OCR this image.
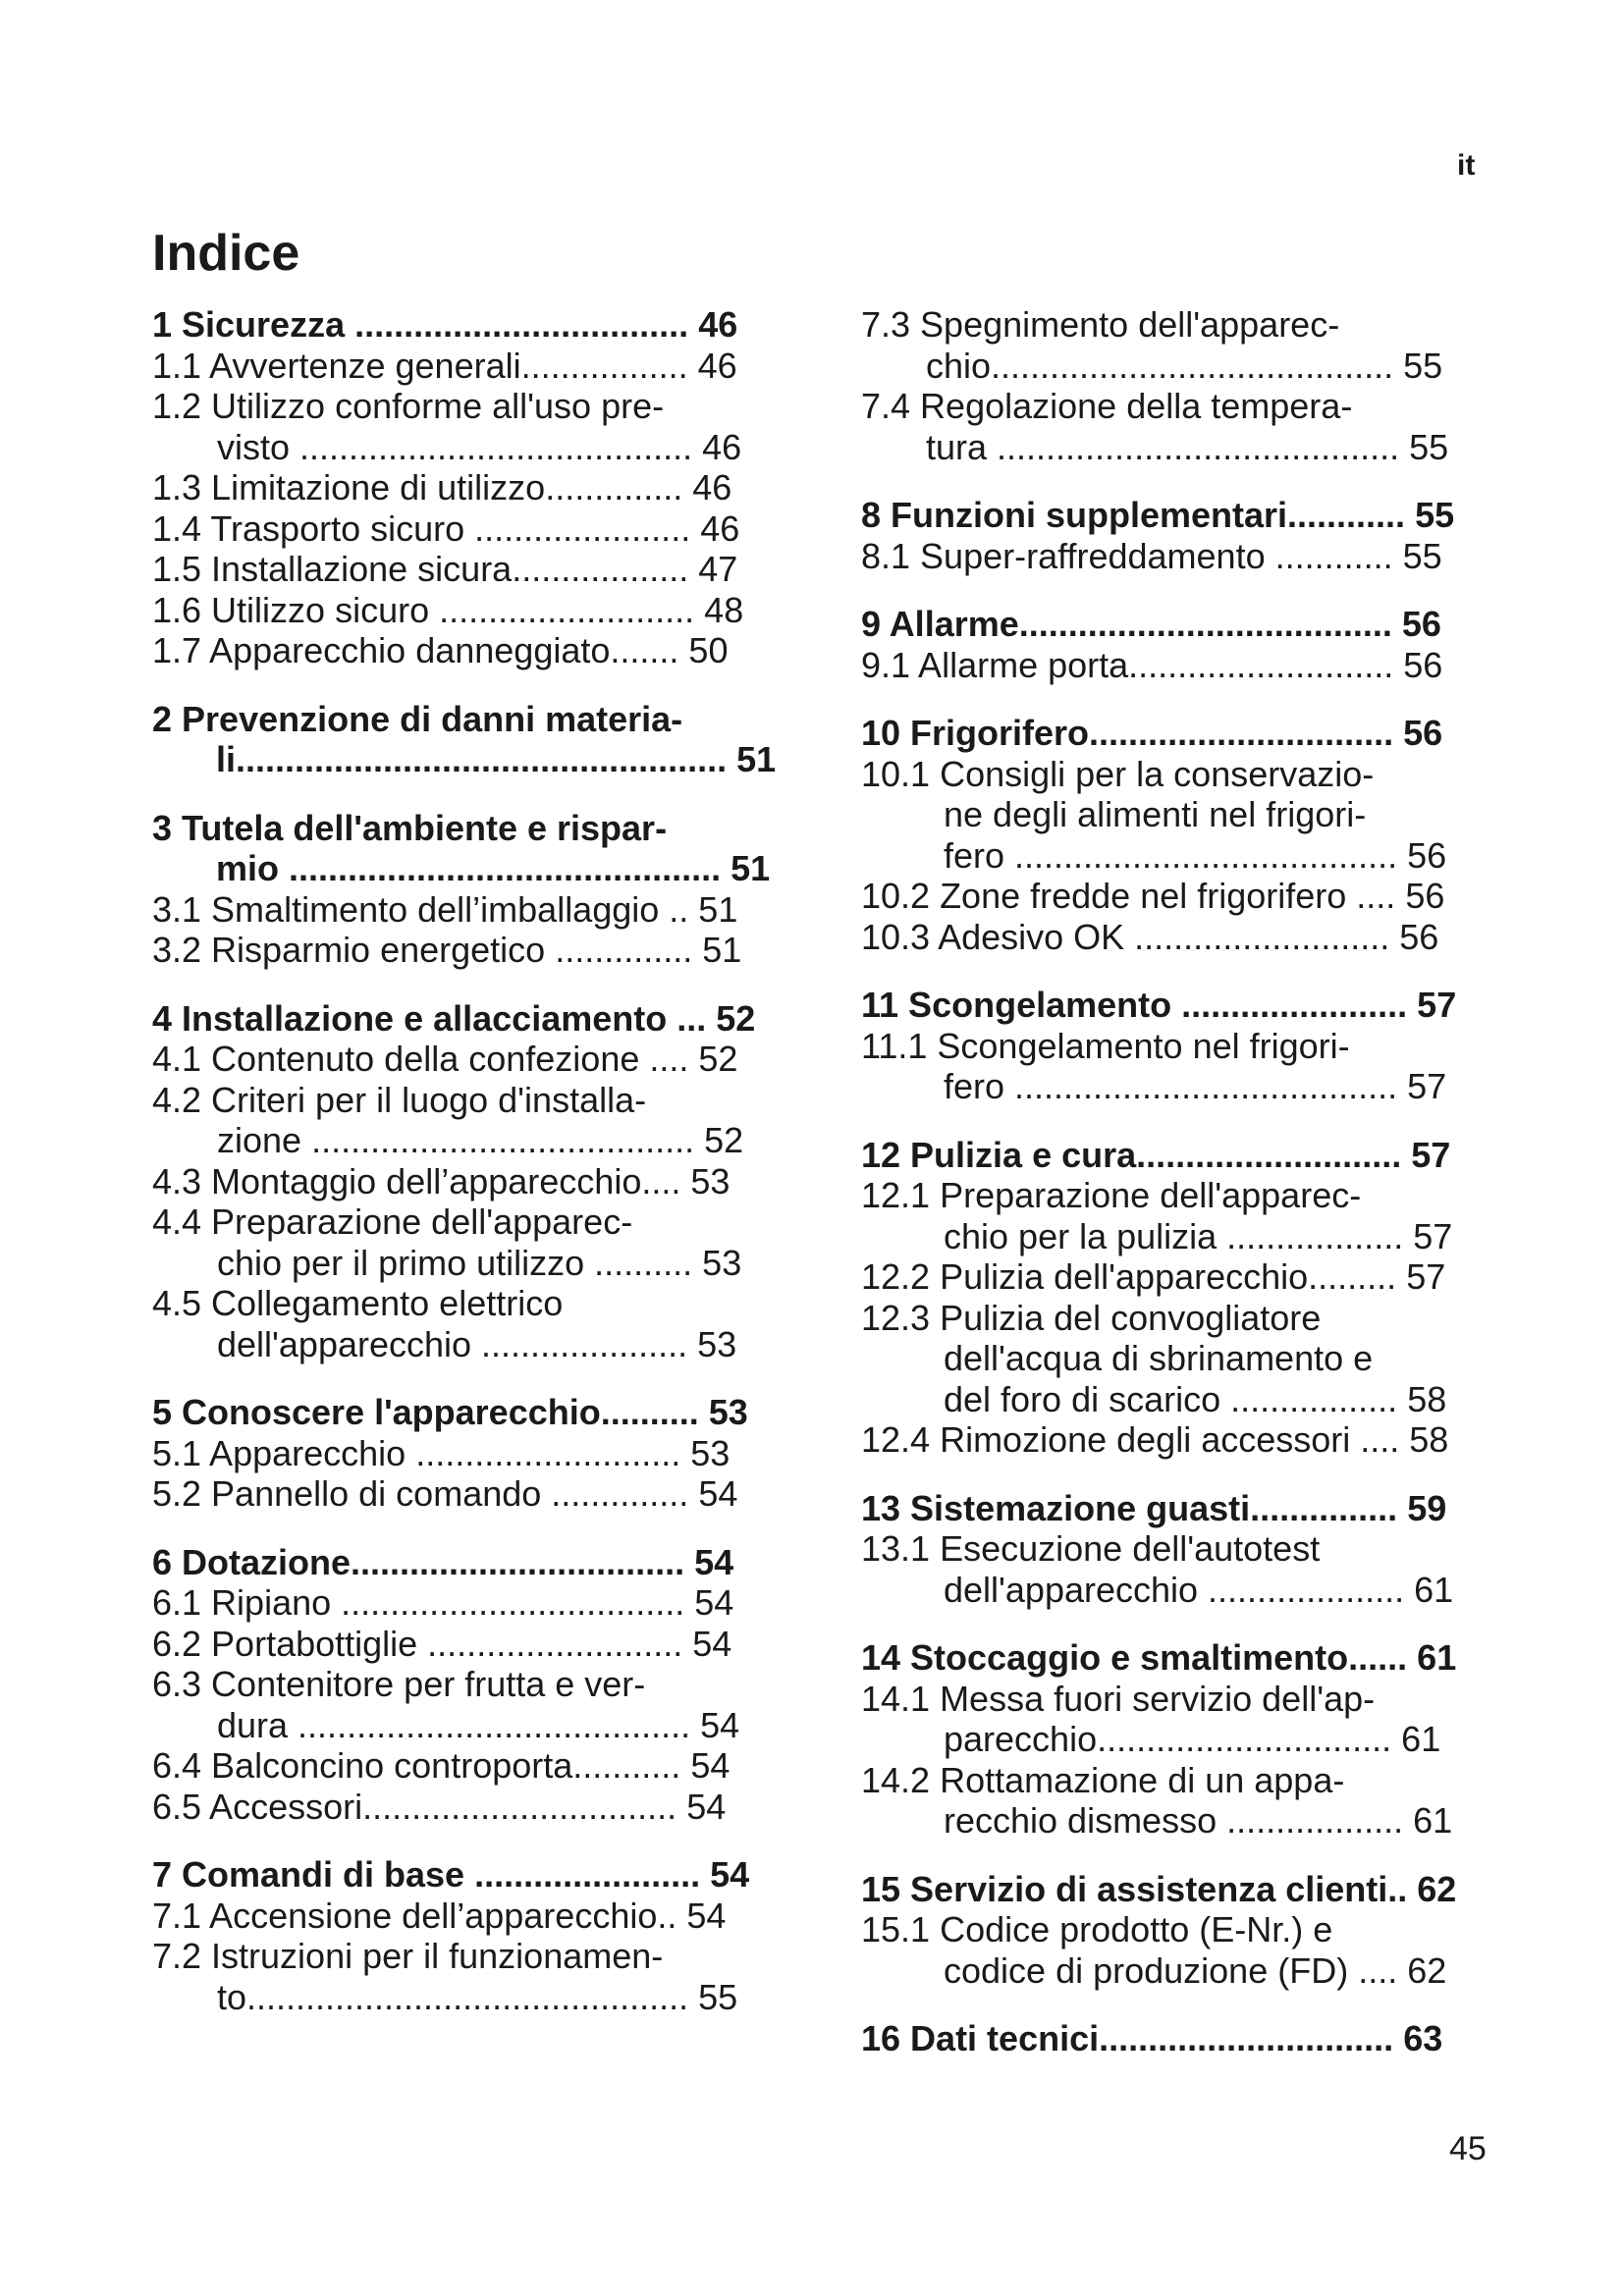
it
Indice
1 Sicurezza .................................. 46
1.1 Avvertenze generali................. 46
1.2 Utilizzo conforme all'uso pre-
visto ........................................ 46
1.3 Limitazione di utilizzo.............. 46
1.4 Trasporto sicuro ...................... 46
1.5 Installazione sicura.................. 47
1.6 Utilizzo sicuro .......................... 48
1.7 Apparecchio danneggiato....... 50
2 Prevenzione di danni materia-
li.................................................. 51
3 Tutela dell'ambiente e rispar-
mio ............................................ 51
3.1 Smaltimento dell’imballaggio .. 51
3.2 Risparmio energetico .............. 51
4 Installazione e allacciamento ... 52
4.1 Contenuto della confezione .... 52
4.2 Criteri per il luogo d'installa-
zione ....................................... 52
4.3 Montaggio dell’apparecchio.... 53
4.4 Preparazione dell'apparec-
chio per il primo utilizzo .......... 53
4.5 Collegamento elettrico
dell'apparecchio ..................... 53
5 Conoscere l'apparecchio.......... 53
5.1 Apparecchio ........................... 53
5.2 Pannello di comando .............. 54
6 Dotazione.................................. 54
6.1 Ripiano ................................... 54
6.2 Portabottiglie .......................... 54
6.3 Contenitore per frutta e ver-
dura ........................................ 54
6.4 Balconcino controporta........... 54
6.5 Accessori................................ 54
7 Comandi di base ....................... 54
7.1 Accensione dell’apparecchio.. 54
7.2 Istruzioni per il funzionamen-
to............................................. 55
7.3 Spegnimento dell'apparec-
chio......................................... 55
7.4 Regolazione della tempera-
tura ......................................... 55
8 Funzioni supplementari............ 55
8.1 Super-raffreddamento ............ 55
9 Allarme...................................... 56
9.1 Allarme porta........................... 56
10 Frigorifero............................... 56
10.1 Consigli per la conservazio-
ne degli alimenti nel frigori-
fero ....................................... 56
10.2 Zone fredde nel frigorifero .... 56
10.3 Adesivo OK .......................... 56
11 Scongelamento ....................... 57
11.1 Scongelamento nel frigori-
fero ....................................... 57
12 Pulizia e cura........................... 57
12.1 Preparazione dell'apparec-
chio per la pulizia .................. 57
12.2 Pulizia dell'apparecchio......... 57
12.3 Pulizia del convogliatore
dell'acqua di sbrinamento e
del foro di scarico ................. 58
12.4 Rimozione degli accessori .... 58
13 Sistemazione guasti............... 59
13.1 Esecuzione dell'autotest
dell'apparecchio .................... 61
14 Stoccaggio e smaltimento...... 61
14.1 Messa fuori servizio dell'ap-
parecchio.............................. 61
14.2 Rottamazione di un appa-
recchio dismesso .................. 61
15 Servizio di assistenza clienti.. 62
15.1 Codice prodotto (E-Nr.) e
codice di produzione (FD) .... 62
16 Dati tecnici.............................. 63
45
